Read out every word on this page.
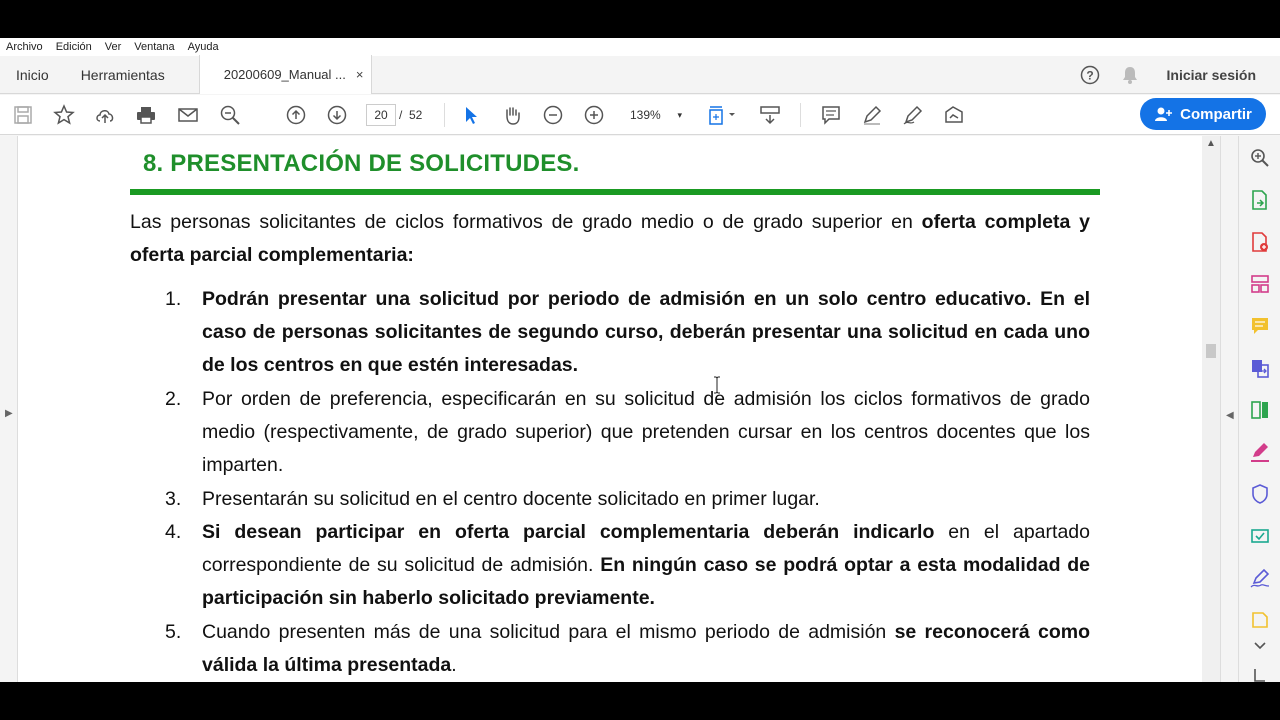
Archivo Edición Ver Ventana Ayuda
Inicio	Herramientas	20200609_Manual ... ×	?	Iniciar sesión
20 / 52	139% ▾	Compartir
▶
8. PRESENTACIÓN DE SOLICITUDES.
Las personas solicitantes de ciclos formativos de grado medio o de grado superior en oferta completa y oferta parcial complementaria:
1.	Podrán presentar una solicitud por periodo de admisión en un solo centro educativo. En el caso de personas solicitantes de segundo curso, deberán presentar una solicitud en cada uno de los centros en que estén interesadas.
2.	Por orden de preferencia, especificarán en su solicitud de admisión los ciclos formativos de grado medio (respectivamente, de grado superior) que pretenden cursar en los centros docentes que los imparten.
3.	Presentarán su solicitud en el centro docente solicitado en primer lugar.
4.	Si desean participar en oferta parcial complementaria deberán indicarlo en el apartado correspondiente de su solicitud de admisión. En ningún caso se podrá optar a esta modalidad de participación sin haberlo solicitado previamente.
5.	Cuando presenten más de una solicitud para el mismo periodo de admisión se reconocerá como válida la última presentada.
▲
◀
